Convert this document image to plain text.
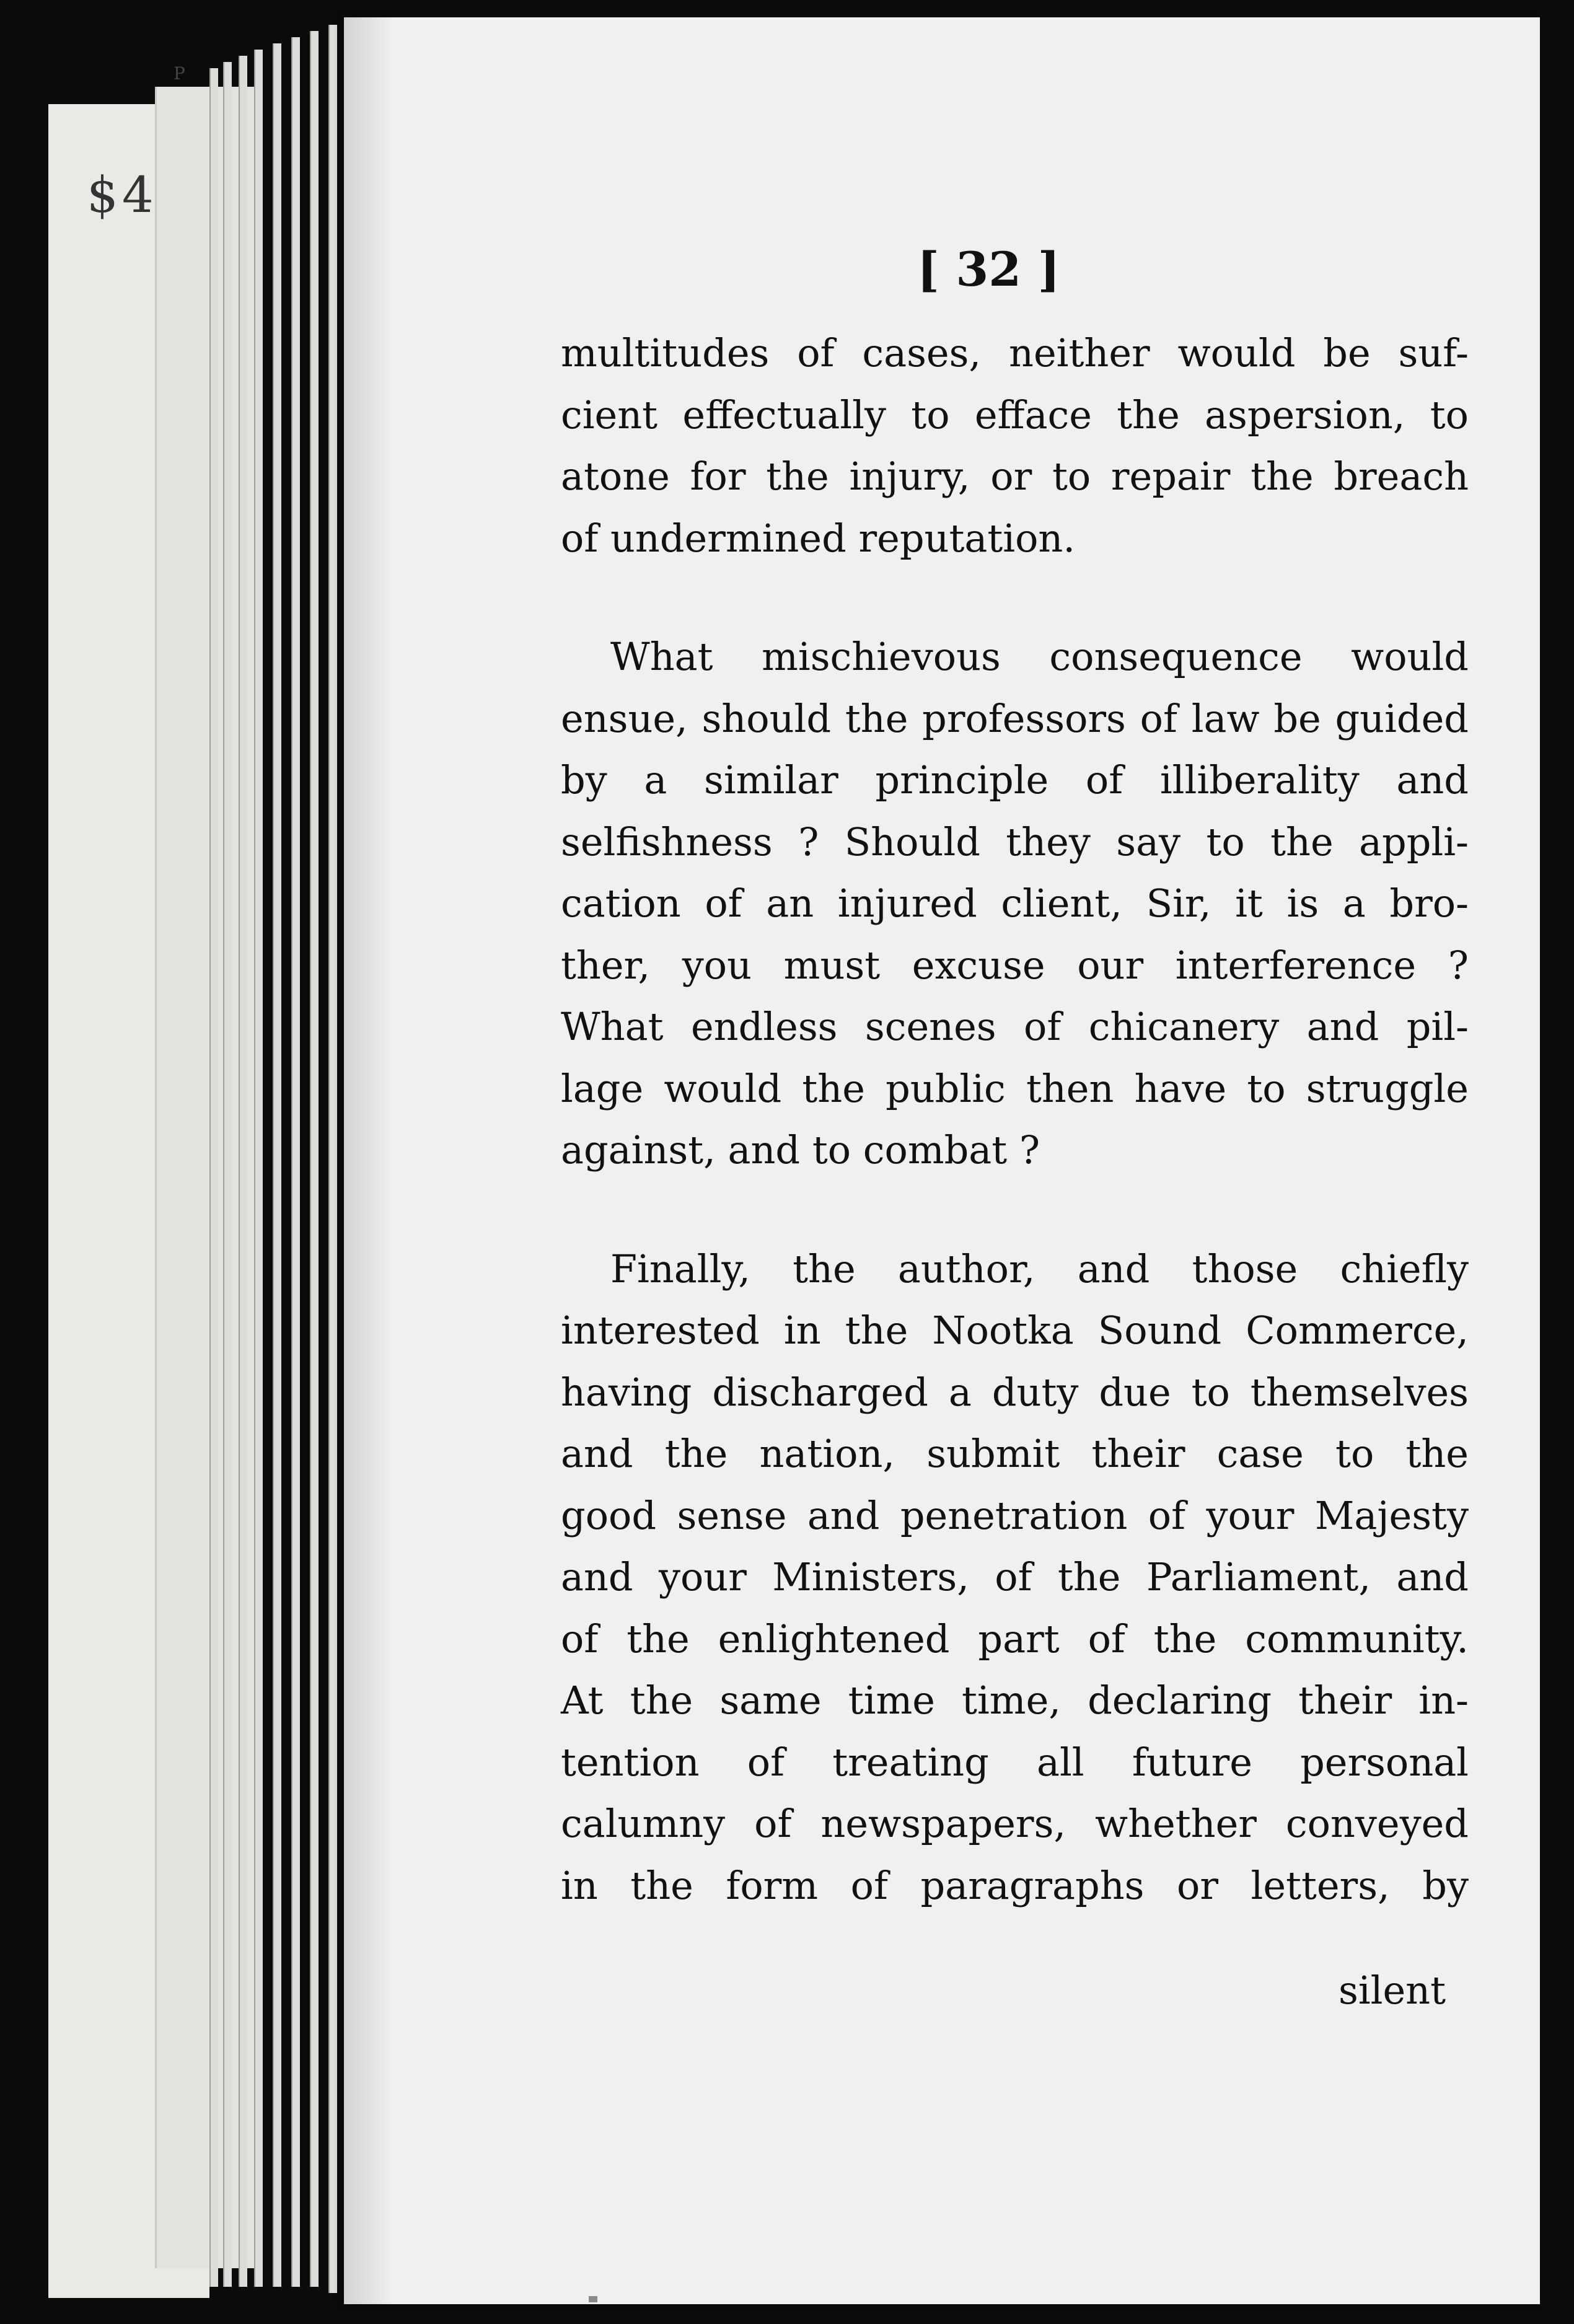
$4
P
[ 32 ]

multitudes of cases, neither would be suf-
cient effectually to efface the aspersion, to
atone for the injury, or to repair the breach
of undermined reputation.

What mischievous consequence would
ensue, should the professors of law be guided
by a similar principle of illiberality and
selfishness ? Should they say to the appli-
cation of an injured client, Sir, it is a bro-
ther, you must excuse our interference ?
What endless scenes of chicanery and pil-
lage would the public then have to struggle
against, and to combat ?

Finally, the author, and those chiefly
interested in the Nootka Sound Commerce,
having discharged a duty due to themselves
and the nation, submit their case to the
good sense and penetration of your Majesty
and your Ministers, of the Parliament, and
of the enlightened part of the community.
At the same time time, declaring their in-
tention of treating all future personal
calumny of newspapers, whether conveyed
in the form of paragraphs or letters, by

silent
